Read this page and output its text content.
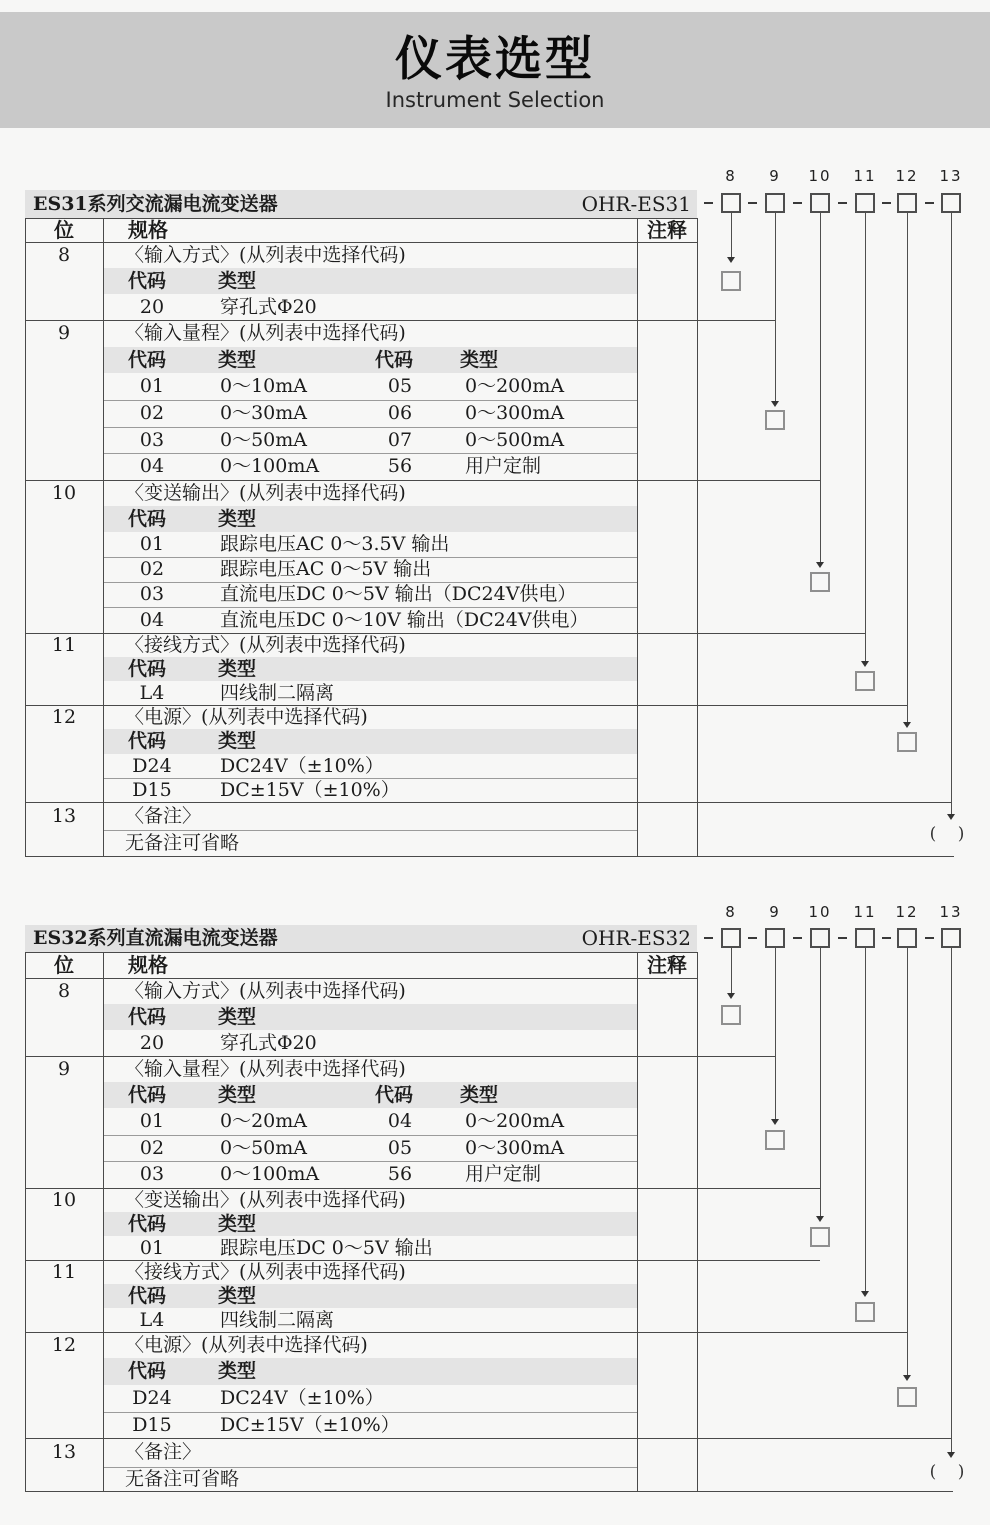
仪表选型
Instrument Selection
ES31系列交流漏电流变送器	OHR-ES31
位	规格	注释
8	〈输入方式〉(从列表中选择代码)
代码	类型
20	穿孔式Φ20
9	〈输入量程〉(从列表中选择代码)
代码	类型	代码 类型
01	0～10mA	05	0～200mA
02	0～30mA	06	0～300mA
03	0～50mA	07	0～500mA
04	0～100mA	56	用户定制
10	〈变送输出〉(从列表中选择代码)
代码	类型
01	跟踪电压AC 0～3.5V 输出
02	跟踪电压AC 0～5V 输出
03	直流电压DC 0～5V 输出（DC24V供电）
04	直流电压DC 0～10V 输出（DC24V供电）
11	〈接线方式〉(从列表中选择代码)
代码	类型
L4	四线制二隔离
12	〈电源〉(从列表中选择代码)
代码	类型
D24	DC24V（±10%）
D15	DC±15V（±10%）
13	〈备注〉
无备注可省略
8	9	10 11 12 13
( )
ES32系列直流漏电流变送器	OHR-ES32
位	规格	注释
8	〈输入方式〉(从列表中选择代码)
代码	类型
20	穿孔式Φ20
9	〈输入量程〉(从列表中选择代码)
代码	类型	代码 类型
01	0～20mA	04	0～200mA
02	0～50mA	05	0～300mA
03	0～100mA	56	用户定制
10	〈变送输出〉(从列表中选择代码)
代码	类型
01	跟踪电压DC 0～5V 输出
11	〈接线方式〉(从列表中选择代码)
代码	类型
L4	四线制二隔离
12	〈电源〉(从列表中选择代码)
代码	类型
D24	DC24V（±10%）
D15	DC±15V（±10%）
13	〈备注〉
无备注可省略
8	9	10 11 12 13
( )
